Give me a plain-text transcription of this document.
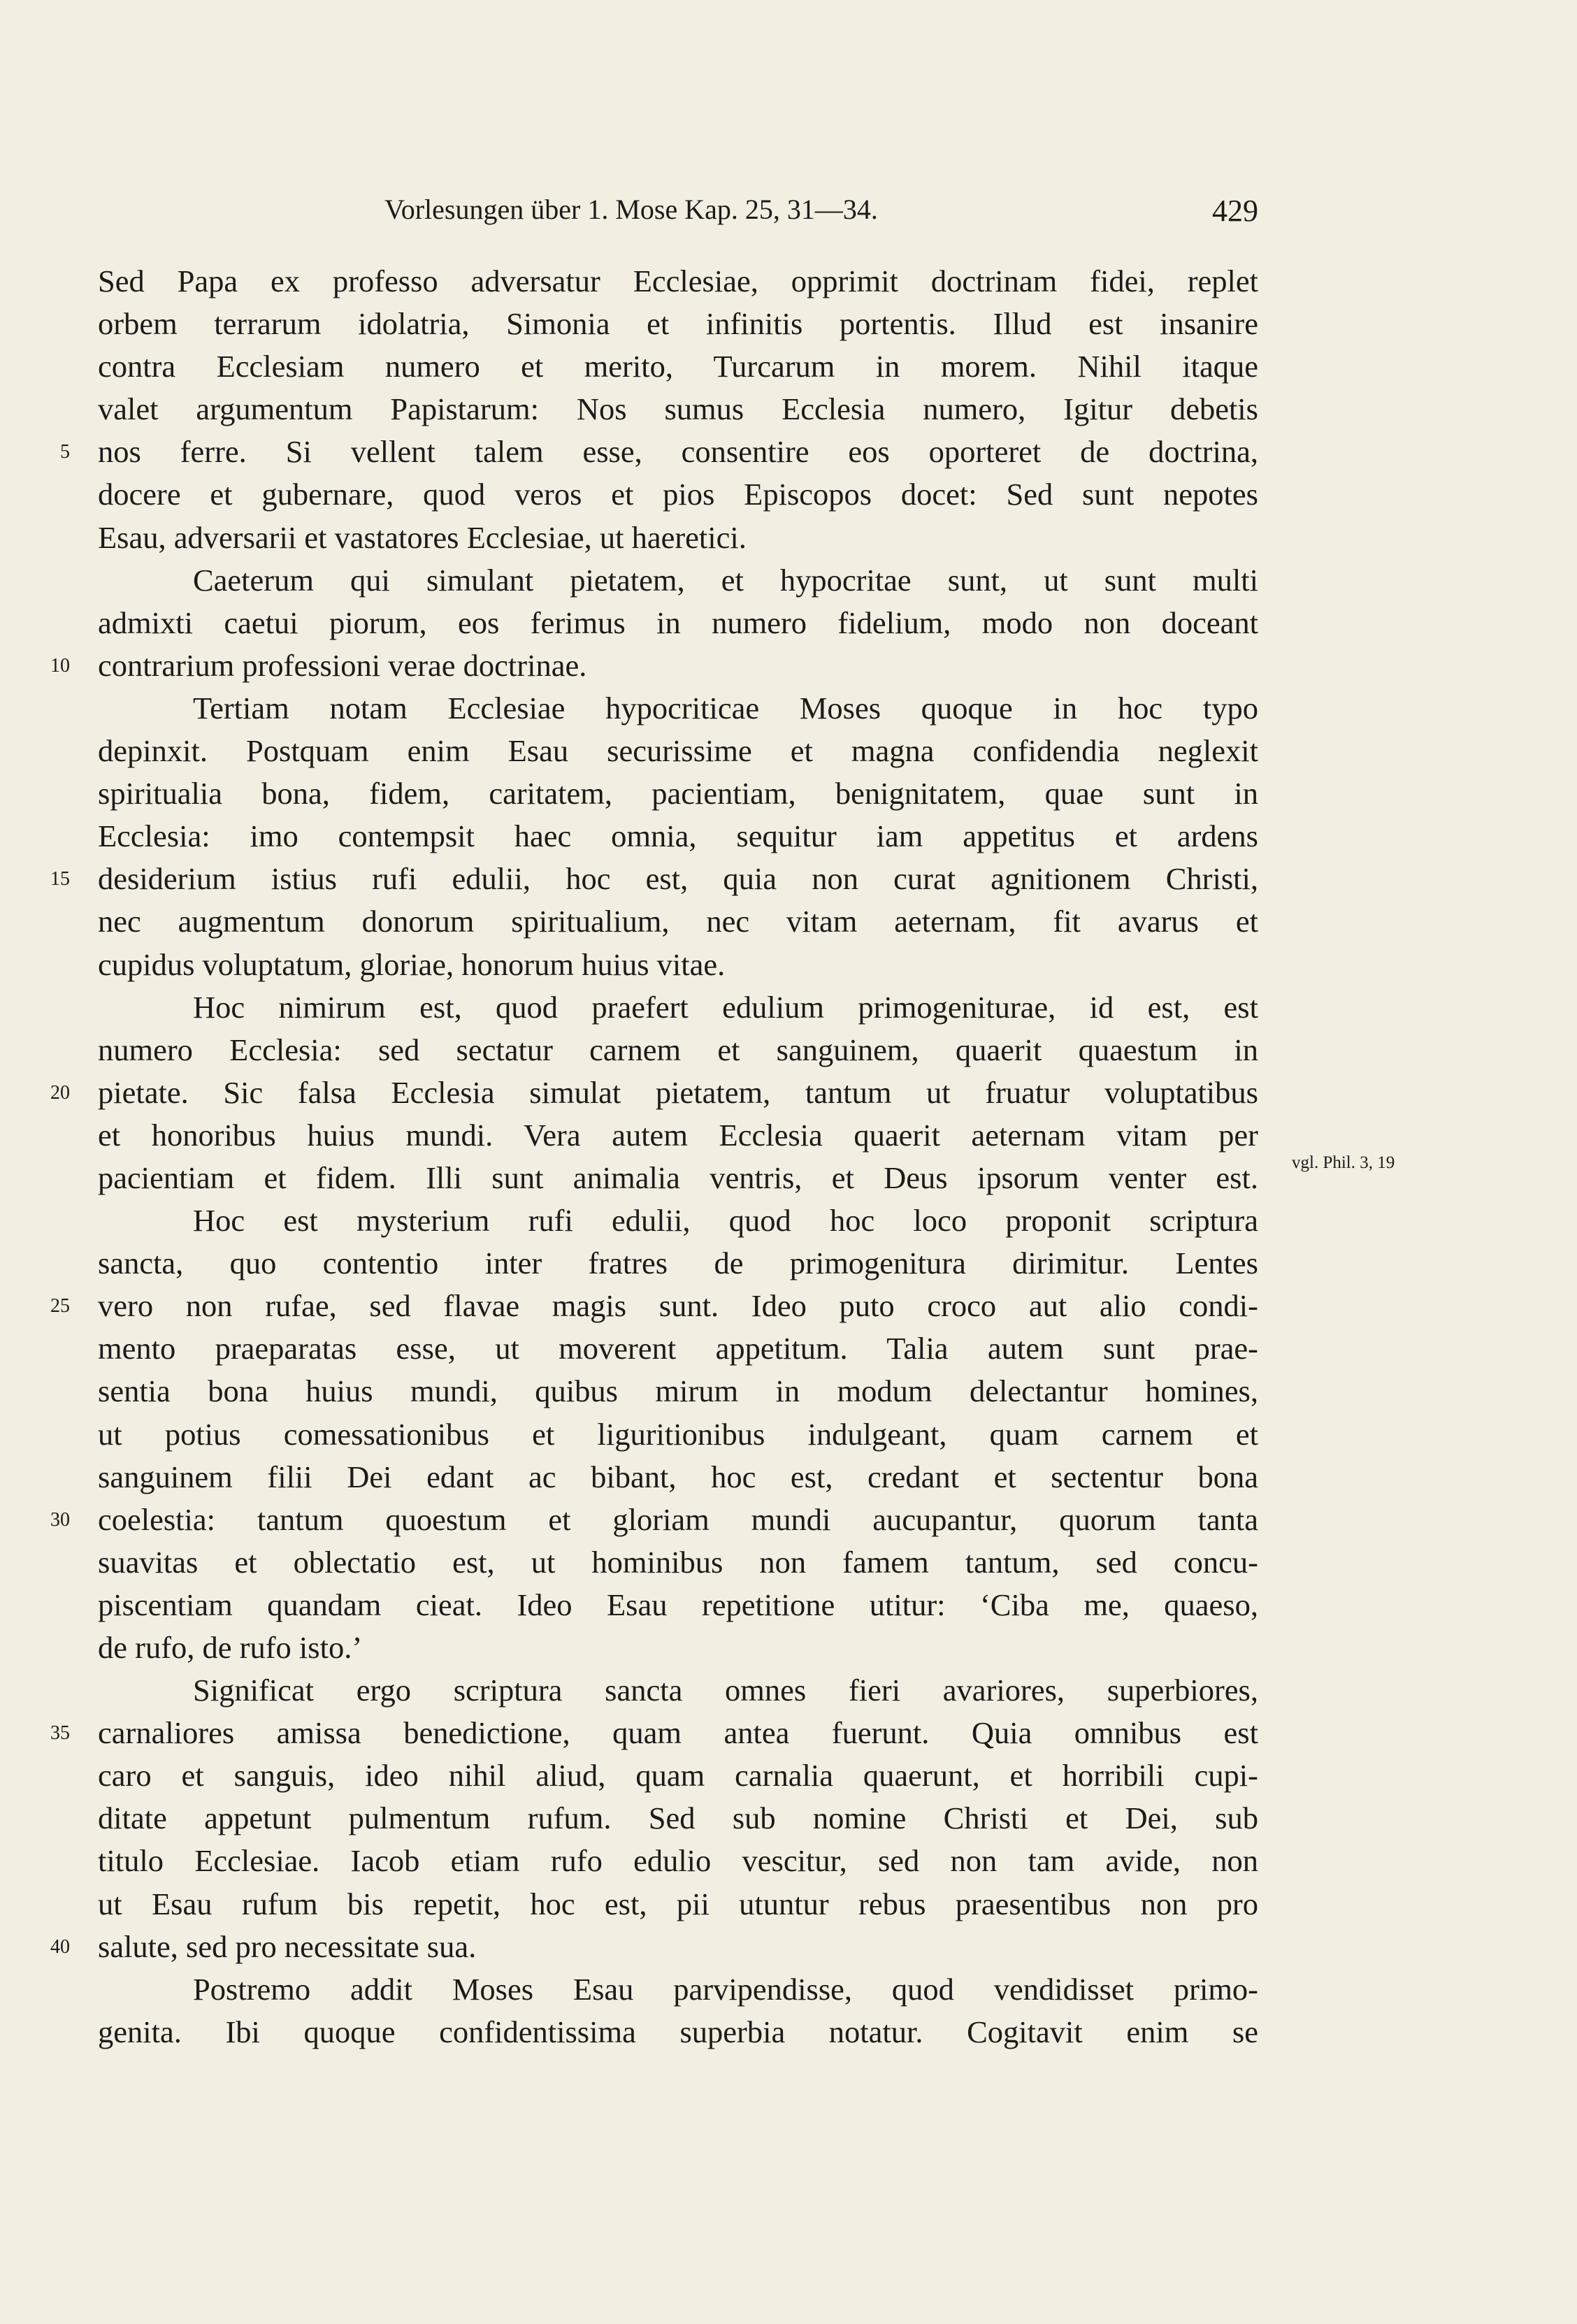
Vorlesungen über 1. Mose Kap. 25, 31—34.	429
Sed Papa ex professo adversatur Ecclesiae, opprimit doctrinam fidei, replet
orbem terrarum idolatria, Simonia et infinitis portentis. Illud est insanire
contra Ecclesiam numero et merito, Turcarum in morem. Nihil itaque
valet argumentum Papistarum: Nos sumus Ecclesia numero, Igitur debetis
nos ferre. Si vellent talem esse, consentire eos oporteret de doctrina,
5
docere et gubernare, quod veros et pios Episcopos docet: Sed sunt nepotes
Esau, adversarii et vastatores Ecclesiae, ut haeretici.
Caeterum qui simulant pietatem, et hypocritae sunt, ut sunt multi
admixti caetui piorum, eos ferimus in numero fidelium, modo non doceant
contrarium professioni verae doctrinae.
10
Tertiam notam Ecclesiae hypocriticae Moses quoque in hoc typo
depinxit. Postquam enim Esau securissime et magna confidendia neglexit
spiritualia bona, fidem, caritatem, pacientiam, benignitatem, quae sunt in
Ecclesia: imo contempsit haec omnia, sequitur iam appetitus et ardens
desiderium istius rufi edulii, hoc est, quia non curat agnitionem Christi,
15
nec augmentum donorum spiritualium, nec vitam aeternam, fit avarus et
cupidus voluptatum, gloriae, honorum huius vitae.
Hoc nimirum est, quod praefert edulium primogeniturae, id est, est
numero Ecclesia: sed sectatur carnem et sanguinem, quaerit quaestum in
pietate. Sic falsa Ecclesia simulat pietatem, tantum ut fruatur voluptatibus
20
et honoribus huius mundi. Vera autem Ecclesia quaerit aeternam vitam per
pacientiam et fidem. Illi sunt animalia ventris, et Deus ipsorum venter est. vgl. Phil. 3, 19
Hoc est mysterium rufi edulii, quod hoc loco proponit scriptura
sancta, quo contentio inter fratres de primogenitura dirimitur. Lentes
vero non rufae, sed flavae magis sunt. Ideo puto croco aut alio condi-
25
mento praeparatas esse, ut moverent appetitum. Talia autem sunt prae-
sentia bona huius mundi, quibus mirum in modum delectantur homines,
ut potius comessationibus et liguritionibus indulgeant, quam carnem et
sanguinem filii Dei edant ac bibant, hoc est, credant et sectentur bona
coelestia: tantum quoestum et gloriam mundi aucupantur, quorum tanta
30
suavitas et oblectatio est, ut hominibus non famem tantum, sed concu-
piscentiam quandam cieat. Ideo Esau repetitione utitur: ‘Ciba me, quaeso,
de rufo, de rufo isto.’
Significat ergo scriptura sancta omnes fieri avariores, superbiores,
carnaliores amissa benedictione, quam antea fuerunt. Quia omnibus est
35
caro et sanguis, ideo nihil aliud, quam carnalia quaerunt, et horribili cupi-
ditate appetunt pulmentum rufum. Sed sub nomine Christi et Dei, sub
titulo Ecclesiae. Iacob etiam rufo edulio vescitur, sed non tam avide, non
ut Esau rufum bis repetit, hoc est, pii utuntur rebus praesentibus non pro
salute, sed pro necessitate sua.
40
Postremo addit Moses Esau parvipendisse, quod vendidisset primo-
genita. Ibi quoque confidentissima superbia notatur. Cogitavit enim se
